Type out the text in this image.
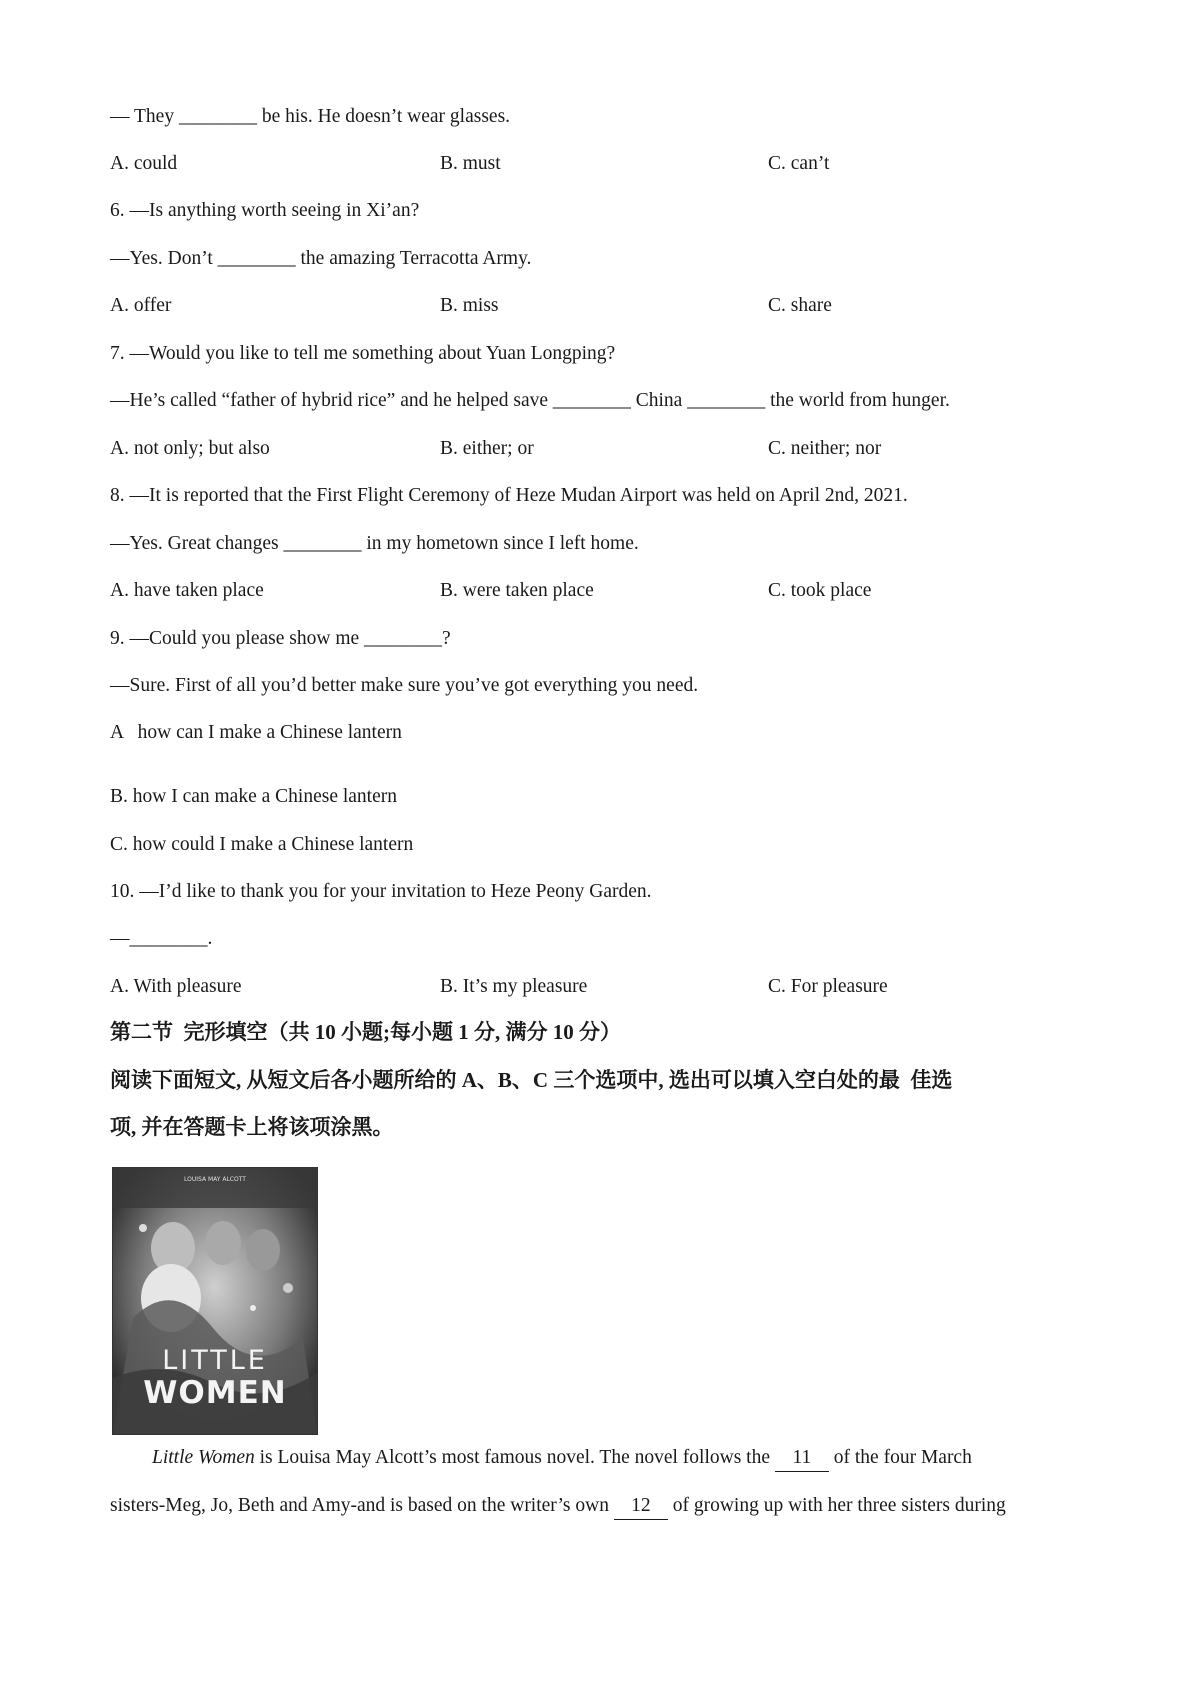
— They ________ be his. He doesn’t wear glasses.
A. could	B. must	C. can’t
6. —Is anything worth seeing in Xi’an?
—Yes. Don’t ________ the amazing Terracotta Army.
A. offer	B. miss	C. share
7. —Would you like to tell me something about Yuan Longping?
—He’s called “father of hybrid rice” and he helped save ________ China ________ the world from hunger.
A. not only; but also	B. either; or	C. neither; nor
8. —It is reported that the First Flight Ceremony of Heze Mudan Airport was held on April 2nd, 2021.
—Yes. Great changes ________ in my hometown since I left home.
A. have taken place	B. were taken place	C. took place
9. —Could you please show me ________?
—Sure. First of all you’d better make sure you’ve got everything you need.
A   how can I make a Chinese lantern
B. how I can make a Chinese lantern
C. how could I make a Chinese lantern
10. —I’d like to thank you for your invitation to Heze Peony Garden.
—________.
A. With pleasure	B. It’s my pleasure	C. For pleasure
第二节  完形填空（共 10 小题;每小题 1 分, 满分 10 分）
阅读下面短文, 从短文后各小题所给的 A、B、C 三个选项中, 选出可以填入空白处的最  佳选
项, 并在答题卡上将该项涂黑。
LOUISA MAY ALCOTT
LITTLE
WOMEN
Little Women is Louisa May Alcott’s most famous novel. The novel follows the 11 of the four March
sisters-Meg, Jo, Beth and Amy-and is based on the writer’s own 12 of growing up with her three sisters during
